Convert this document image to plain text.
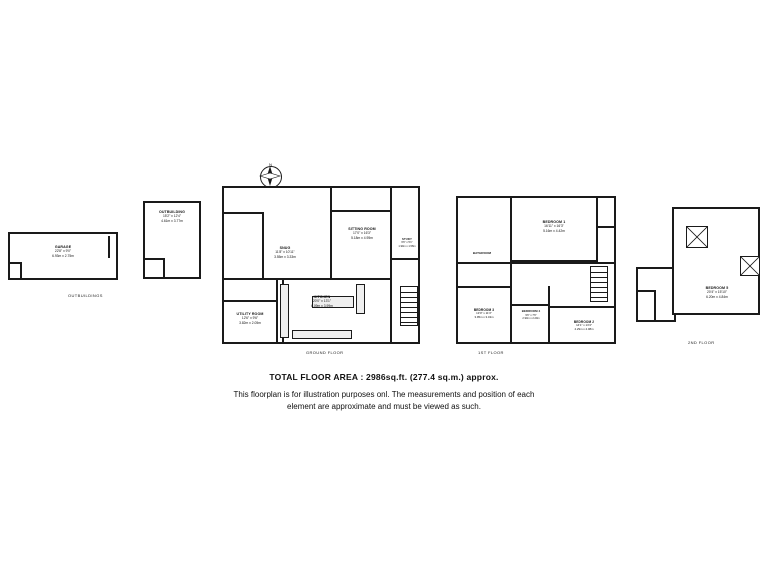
N
GARAGE
22'8" x 9'0"
6.93m x 2.75m
OUTBUILDING
15'2" x 12'4"
4.61m x 3.77m
OUTBUILDINGS
SNUG
11'8" x 10'11"
3.55m x 3.33m
SITTING ROOM
17'0" x 16'3"
5.18m x 4.95m
KITCHEN
20'0" x 13'1"
6.09m x 3.99m
UTILITY ROOM
12'6" x 9'6"
3.82m x 2.05m
STUDY
6'6" x 5'1"
1.99m x 1.58m
GROUND FLOOR
BATHROOM
BEDROOM 1
16'11" x 16'3"
5.16m x 4.42m
BEDROOM 2
14'1" x 13'4"
4.29m x 4.08m
BEDROOM 3
13'0" x 11'3"
3.95m x 3.43m
BEDROOM 4
9'6" x 7'6"
2.90m x 2.29m
1ST FLOOR
BEDROOM 5
20'4" x 15'10"
6.20m x 4.84m
2ND FLOOR
TOTAL FLOOR AREA : 2986sq.ft. (277.4 sq.m.) approx.
This floorplan is for illustration purposes onl. The measurements and position of each
element are approximate and must be viewed as such.
